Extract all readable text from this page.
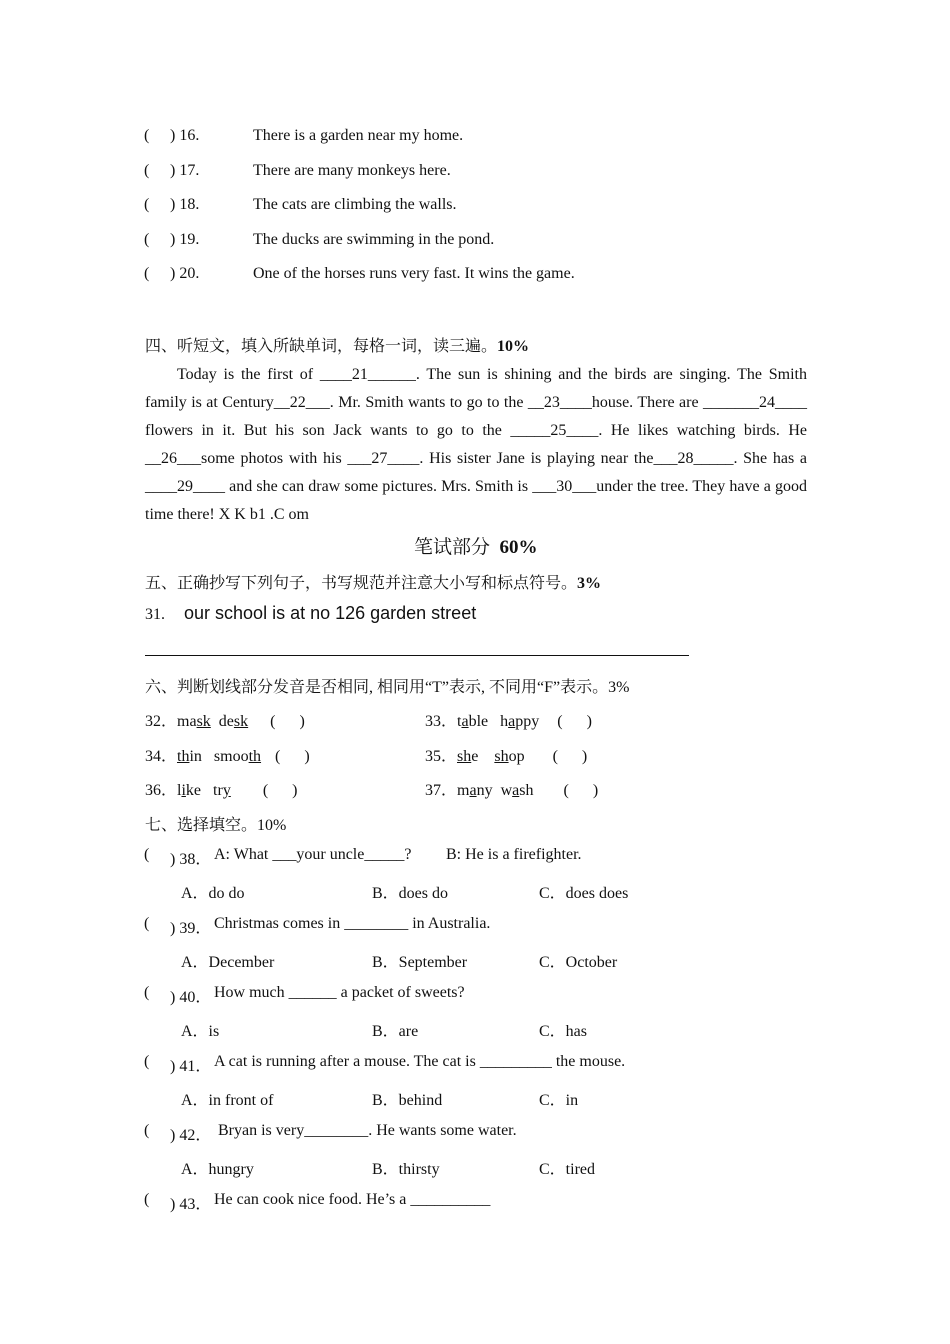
( ) 16.	There is a garden near my home.
( ) 17.	There are many monkeys here.
( ) 18.	The cats are climbing the walls.
( ) 19.	The ducks are swimming in the pond.
( ) 20.	One of the horses runs very fast. It wins the game.
四、听短文，填入所缺单词，每格一词，读三遍。10%
Today is the first of ____21______. The sun is shining and the birds are singing. The Smith family is at Century__22___. Mr. Smith wants to go to the __23____house. There are _______24____ flowers in it. But his son Jack wants to go to the _____25____. He likes watching birds. He __26___some photos with his ___27____. His sister Jane is playing near the___28_____. She has a ____29____ and she can draw some pictures. Mrs. Smith is ___30___under the tree. They have a good time there! X K b1 .C om
笔试部分 60%
五、正确抄写下列句子，书写规范并注意大小写和标点符号。3%
31. our school is at no 126 garden street
六、判断划线部分发音是否相同, 相同用“T”表示, 不同用“F”表示。3%
32．mask desk (      )	33．table happy (      )
34．thin smooth (      )	35．she shop (      )
36．like try (      )	37．many wash (      )
七、选择填空。10%
( ) 38． A: What ___your uncle_____? B: He is a firefighter.
A．do do	B．does do	C．does does
( ) 39． Christmas comes in ________ in Australia.
A．December	B．September	C．October
( ) 40． How much ______ a packet of sweets?
A．is	B．are	C．has
( ) 41． A cat is running after a mouse. The cat is _________ the mouse.
A．in front of	B．behind	C．in
( ) 42． Bryan is very________. He wants some water.
A．hungry	B．thirsty	C．tired
( ) 43． He can cook nice food. He’s a __________
